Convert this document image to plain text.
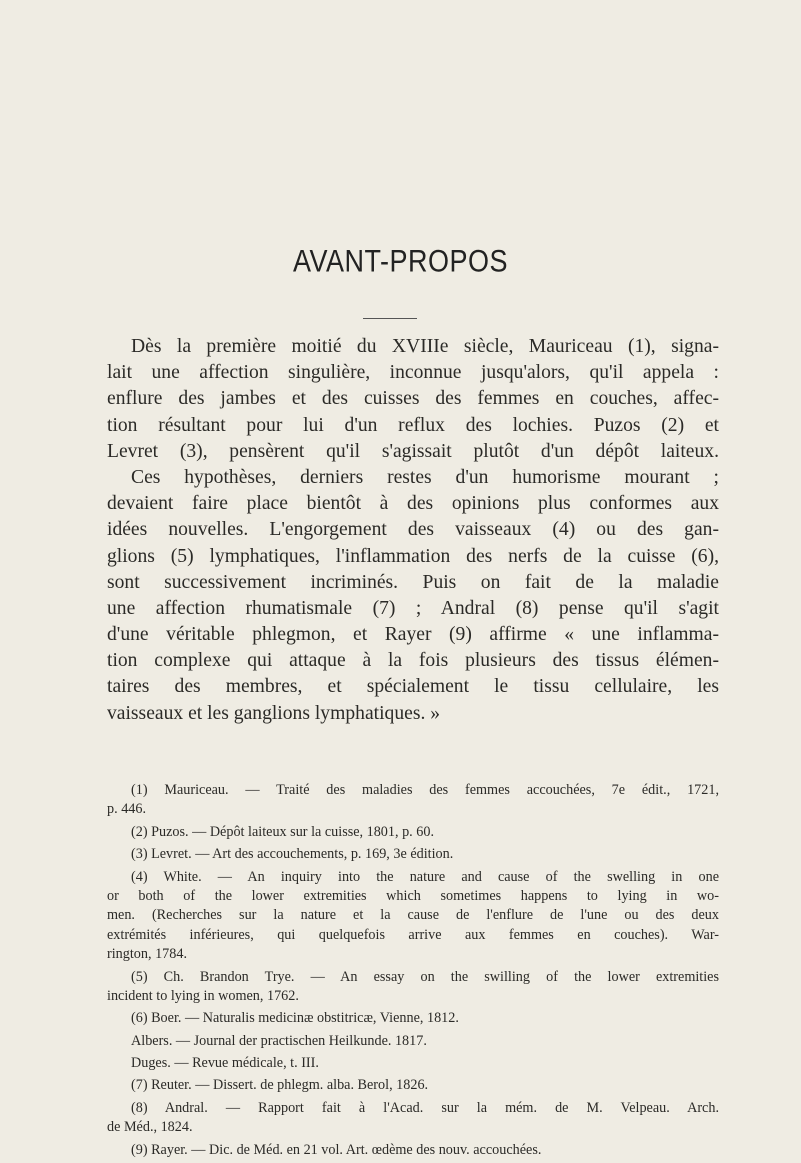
AVANT-PROPOS
Dès la première moitié du XVIIIe siècle, Mauriceau (1), signa-
lait une affection singulière, inconnue jusqu'alors, qu'il appela :
enflure des jambes et des cuisses des femmes en couches, affec-
tion résultant pour lui d'un reflux des lochies. Puzos (2) et
Levret (3), pensèrent qu'il s'agissait plutôt d'un dépôt laiteux.
Ces hypothèses, derniers restes d'un humorisme mourant ;
devaient faire place bientôt à des opinions plus conformes aux
idées nouvelles. L'engorgement des vaisseaux (4) ou des gan-
glions (5) lymphatiques, l'inflammation des nerfs de la cuisse (6),
sont successivement incriminés. Puis on fait de la maladie
une affection rhumatismale (7) ; Andral (8) pense qu'il s'agit
d'une véritable phlegmon, et Rayer (9) affirme « une inflamma-
tion complexe qui attaque à la fois plusieurs des tissus élémen-
taires des membres, et spécialement le tissu cellulaire, les
vaisseaux et les ganglions lymphatiques. »
(1) Mauriceau. — Traité des maladies des femmes accouchées, 7e édit., 1721,
p. 446.
(2) Puzos. — Dépôt laiteux sur la cuisse, 1801, p. 60.
(3) Levret. — Art des accouchements, p. 169, 3e édition.
(4) White. — An inquiry into the nature and cause of the swelling in one
or both of the lower extremities which sometimes happens to lying in wo-
men. (Recherches sur la nature et la cause de l'enflure de l'une ou des deux
extrémités inférieures, qui quelquefois arrive aux femmes en couches). War-
rington, 1784.
(5) Ch. Brandon Trye. — An essay on the swilling of the lower extremities
incident to lying in women, 1762.
(6) Boer. — Naturalis medicinæ obstitricæ, Vienne, 1812.
Albers. — Journal der practischen Heilkunde. 1817.
Duges. — Revue médicale, t. III.
(7) Reuter. — Dissert. de phlegm. alba. Berol, 1826.
(8) Andral. — Rapport fait à l'Acad. sur la mém. de M. Velpeau. Arch.
de Méd., 1824.
(9) Rayer. — Dic. de Méd. en 21 vol. Art. œdème des nouv. accouchées.
